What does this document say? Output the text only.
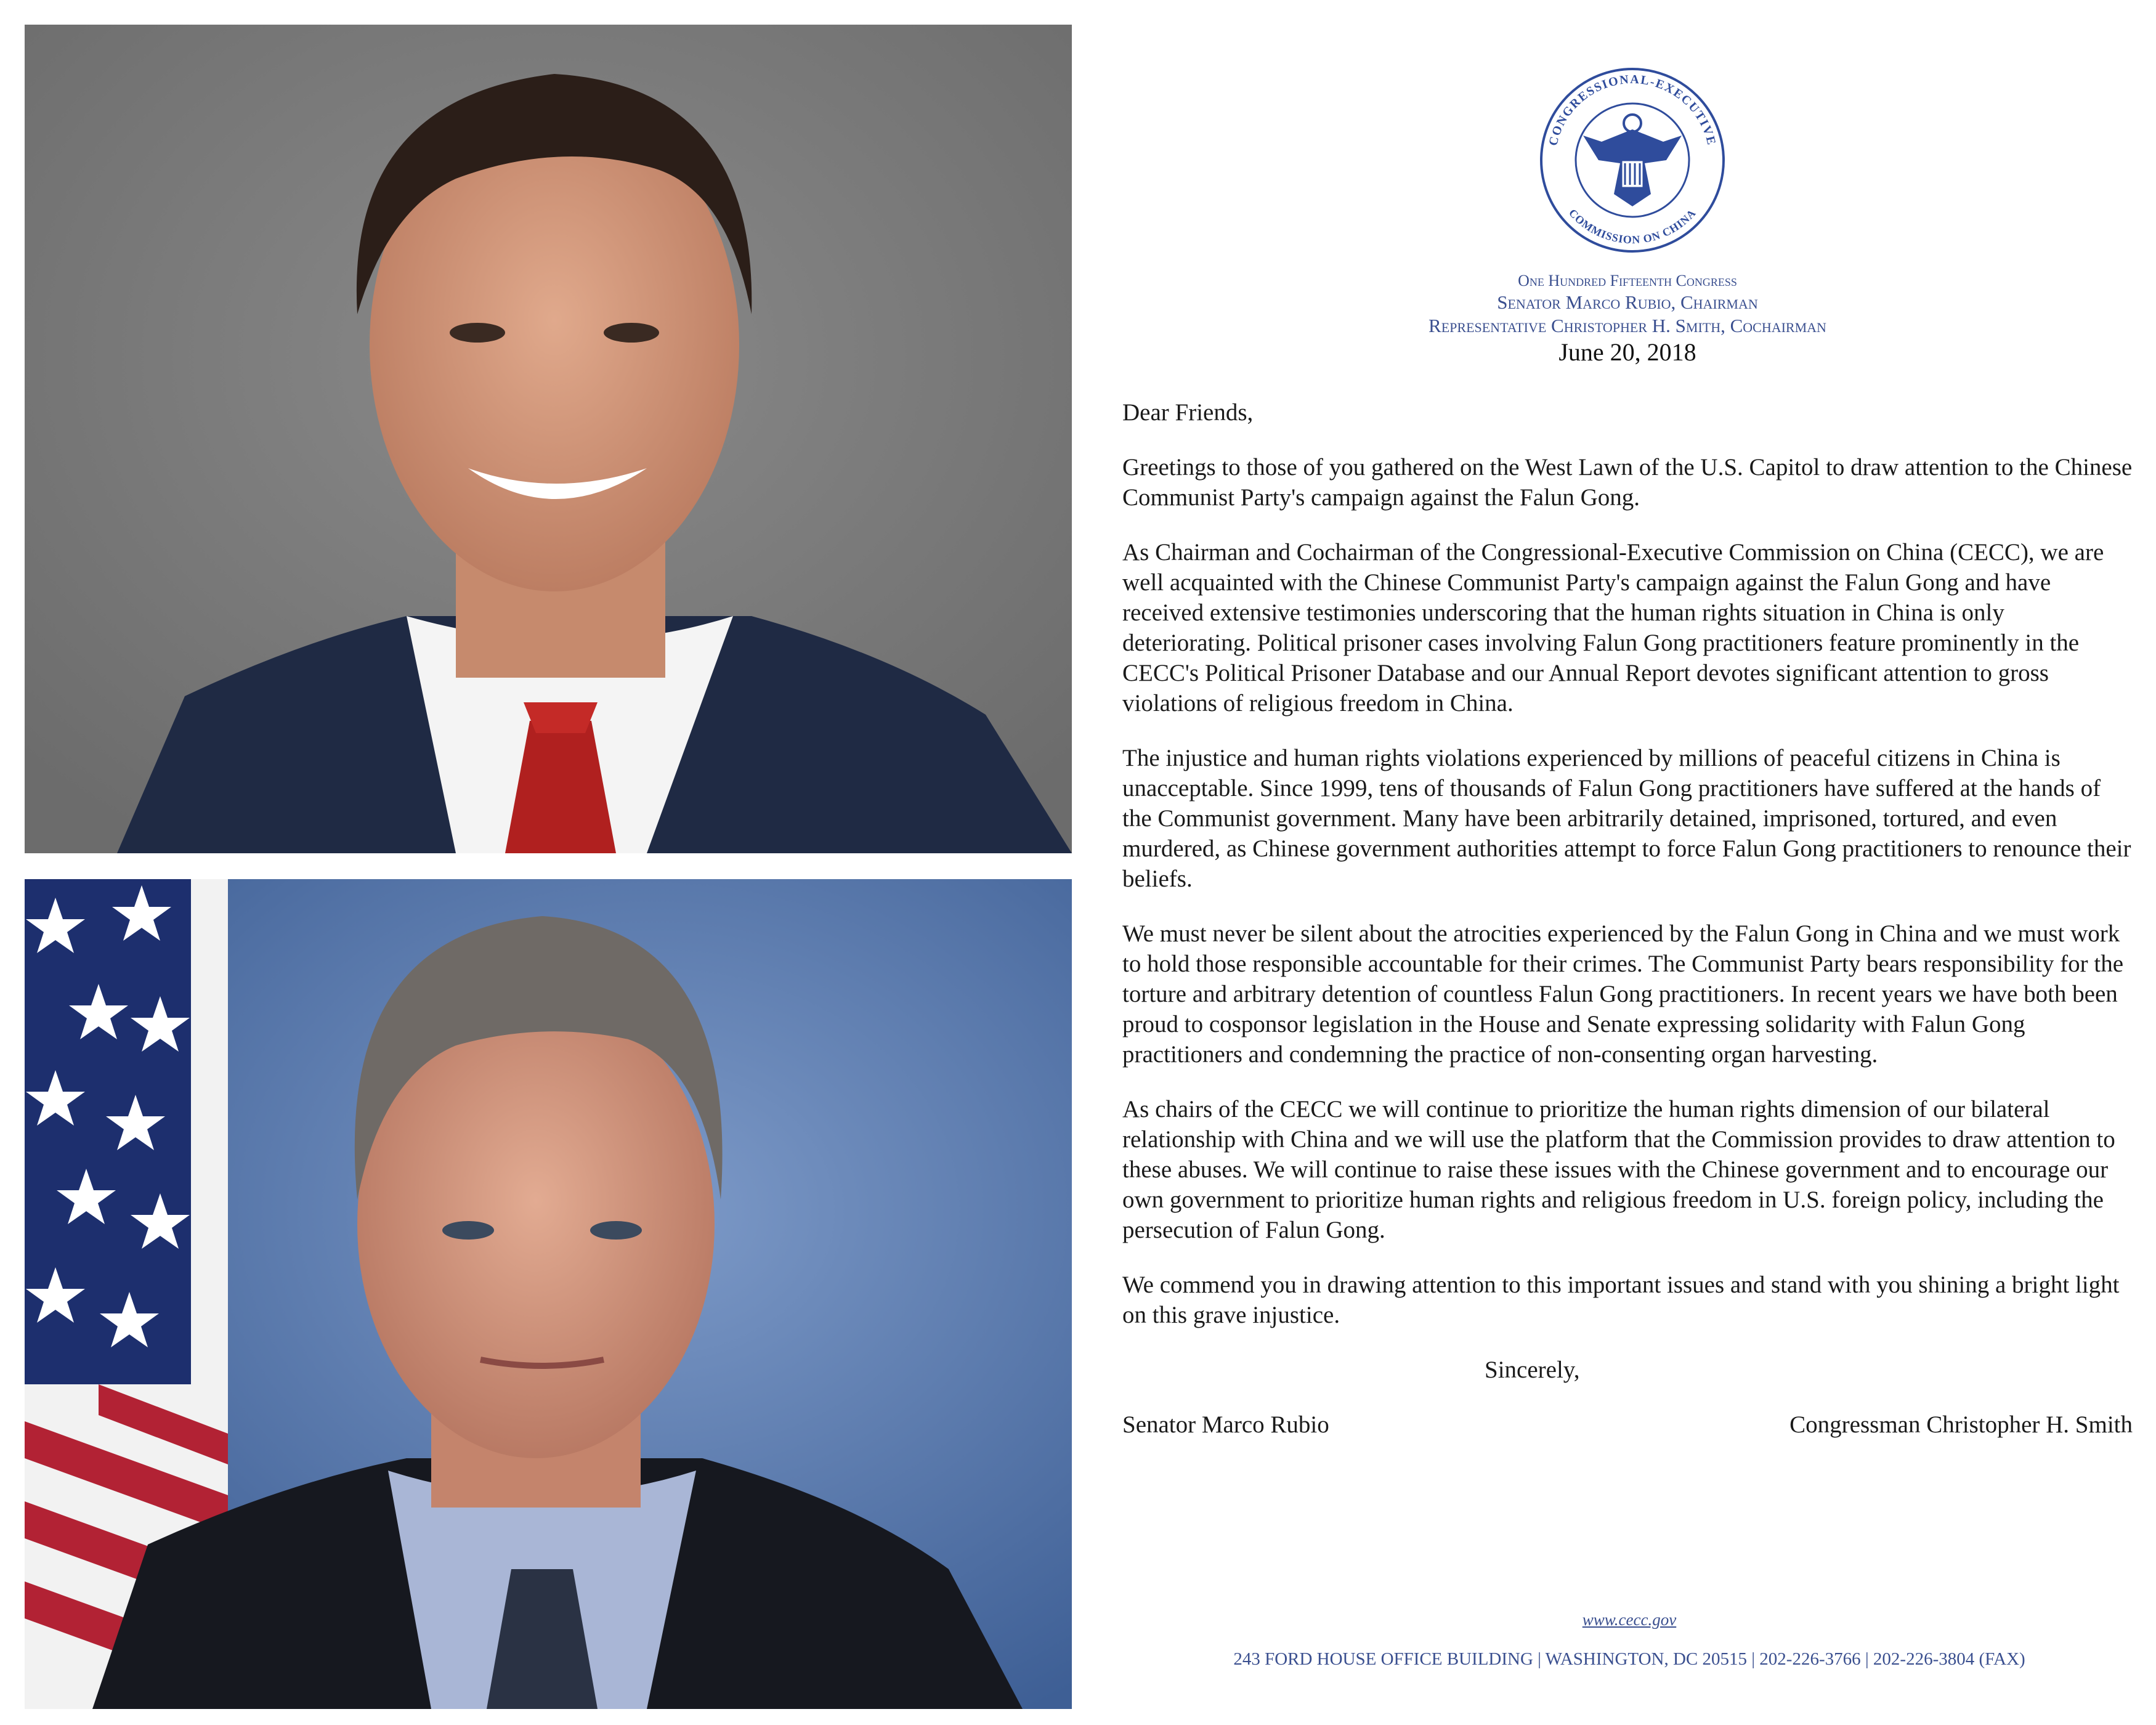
CONGRESSIONAL-EXECUTIVE
COMMISSION ON CHINA
One Hundred Fifteenth Congress
Senator Marco Rubio, Chairman
Representative Christopher H. Smith, Cochairman
June 20, 2018

Dear Friends,

Greetings to those of you gathered on the West Lawn of the U.S. Capitol to draw attention to the Chinese Communist Party's campaign against the Falun Gong.

As Chairman and Cochairman of the Congressional-Executive Commission on China (CECC), we are well acquainted with the Chinese Communist Party's campaign against the Falun Gong and have received extensive testimonies underscoring that the human rights situation in China is only deteriorating. Political prisoner cases involving Falun Gong practitioners feature prominently in the CECC's Political Prisoner Database and our Annual Report devotes significant attention to gross violations of religious freedom in China.

The injustice and human rights violations experienced by millions of peaceful citizens in China is unacceptable. Since 1999, tens of thousands of Falun Gong practitioners have suffered at the hands of the Communist government. Many have been arbitrarily detained, imprisoned, tortured, and even murdered, as Chinese government authorities attempt to force Falun Gong practitioners to renounce their beliefs.

We must never be silent about the atrocities experienced by the Falun Gong in China and we must work to hold those responsible accountable for their crimes. The Communist Party bears responsibility for the torture and arbitrary detention of countless Falun Gong practitioners. In recent years we have both been proud to cosponsor legislation in the House and Senate expressing solidarity with Falun Gong practitioners and condemning the practice of non-consenting organ harvesting.

As chairs of the CECC we will continue to prioritize the human rights dimension of our bilateral relationship with China and we will use the platform that the Commission provides to draw attention to these abuses. We will continue to raise these issues with the Chinese government and to encourage our own government to prioritize human rights and religious freedom in U.S. foreign policy, including the persecution of Falun Gong.

We commend you in drawing attention to this important issues and stand with you shining a bright light on this grave injustice.

Sincerely,
Senator Marco Rubio	Congressman Christopher H. Smith
www.cecc.gov
243 FORD HOUSE OFFICE BUILDING | WASHINGTON, DC 20515 | 202-226-3766 | 202-226-3804 (FAX)
